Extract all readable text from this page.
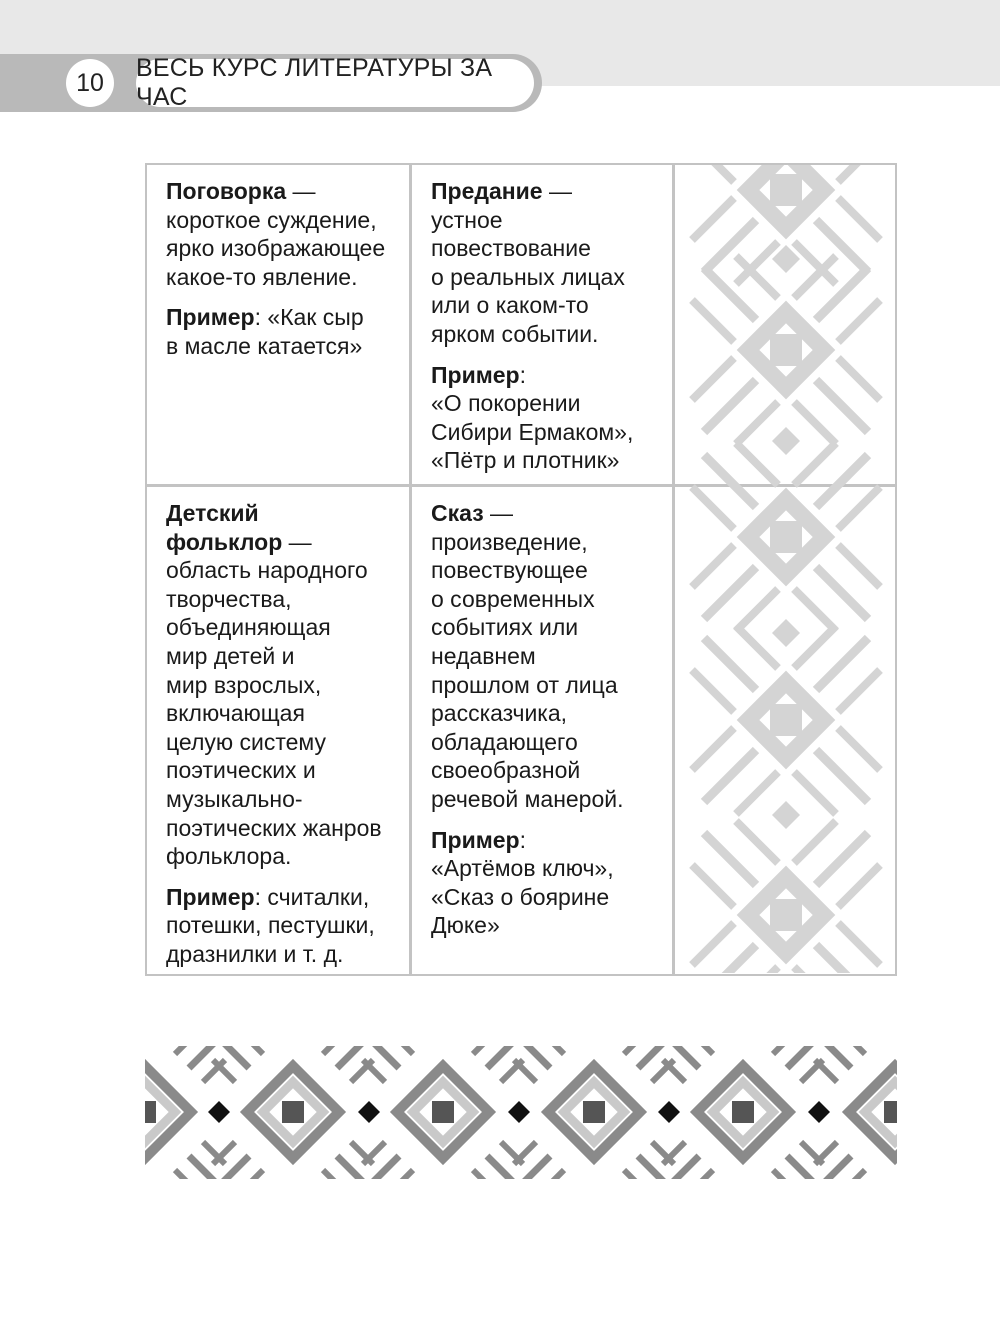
10
ВЕСЬ КУРС ЛИТЕРАТУРЫ ЗА ЧАС

Поговорка —
короткое суждение,
ярко изображающее
какое-то явление.

Пример: «Как сыр
в масле катается»

Предание —
устное
повествование
о реальных лицах
или о каком-то
ярком событии.

Пример:
«О покорении
Сибири Ермаком»,
«Пётр и плотник»

Детский
фольклор —
область народного
творчества,
объединяющая
мир детей и
мир взрослых,
включающая
целую систему
поэтических и
музыкально-
поэтических жанров
фольклора.

Пример: считалки,
потешки, пестушки,
дразнилки и т. д.

Сказ —
произведение,
повествующее
о современных
событиях или
недавнем
прошлом от лица
рассказчика,
обладающего
своеобразной
речевой манерой.

Пример:
«Артёмов ключ»,
«Сказ о боярине
Дюке»
